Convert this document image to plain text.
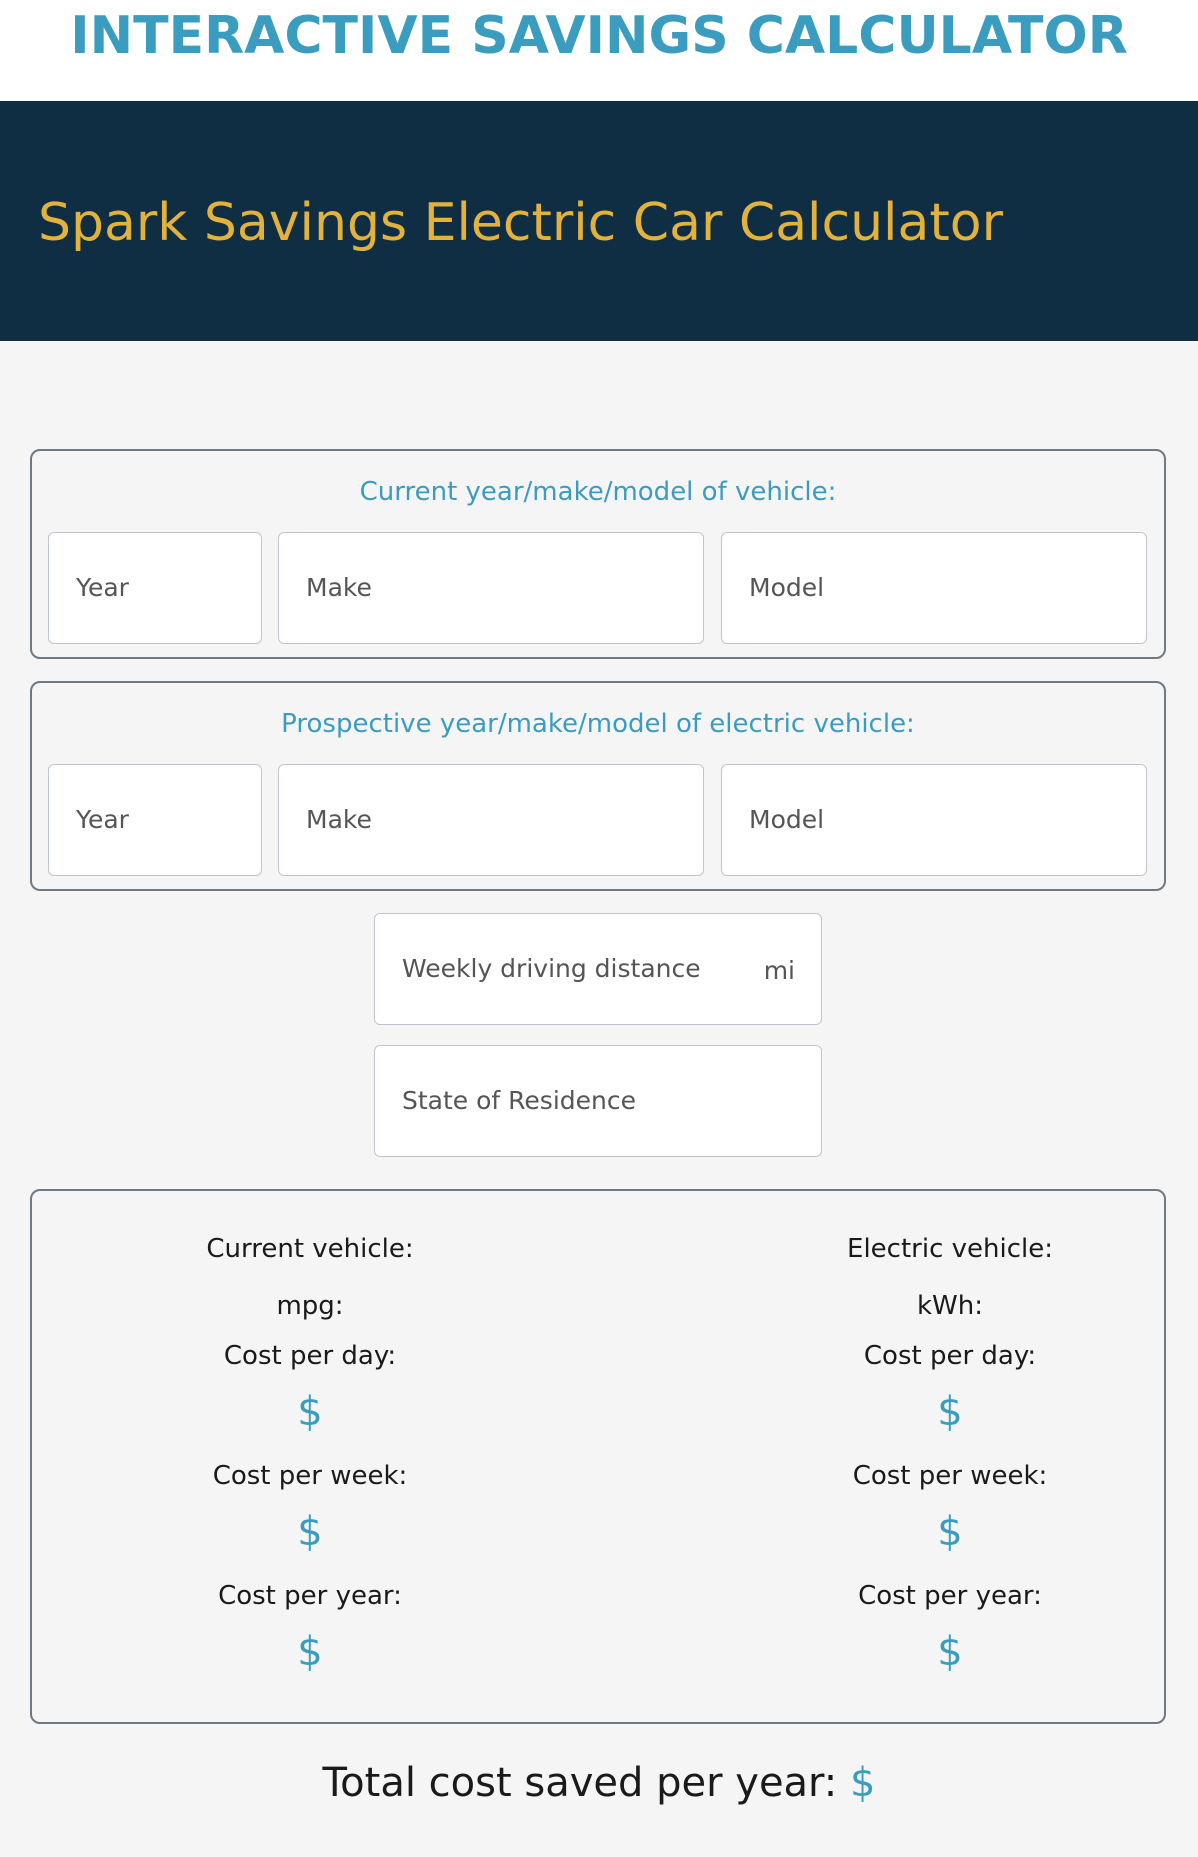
INTERACTIVE SAVINGS CALCULATOR
Spark Savings Electric Car Calculator
Current year/make/model of vehicle:
Year	Make	Model
Prospective year/make/model of electric vehicle:
Year	Make	Model
Weekly driving distance	mi
State of Residence
Current vehicle:
mpg:
Cost per day:
$
Cost per week:
$
Cost per year:
$
Electric vehicle:
kWh:
Cost per day:
$
Cost per week:
$
Cost per year:
$
Total cost saved per year: $
